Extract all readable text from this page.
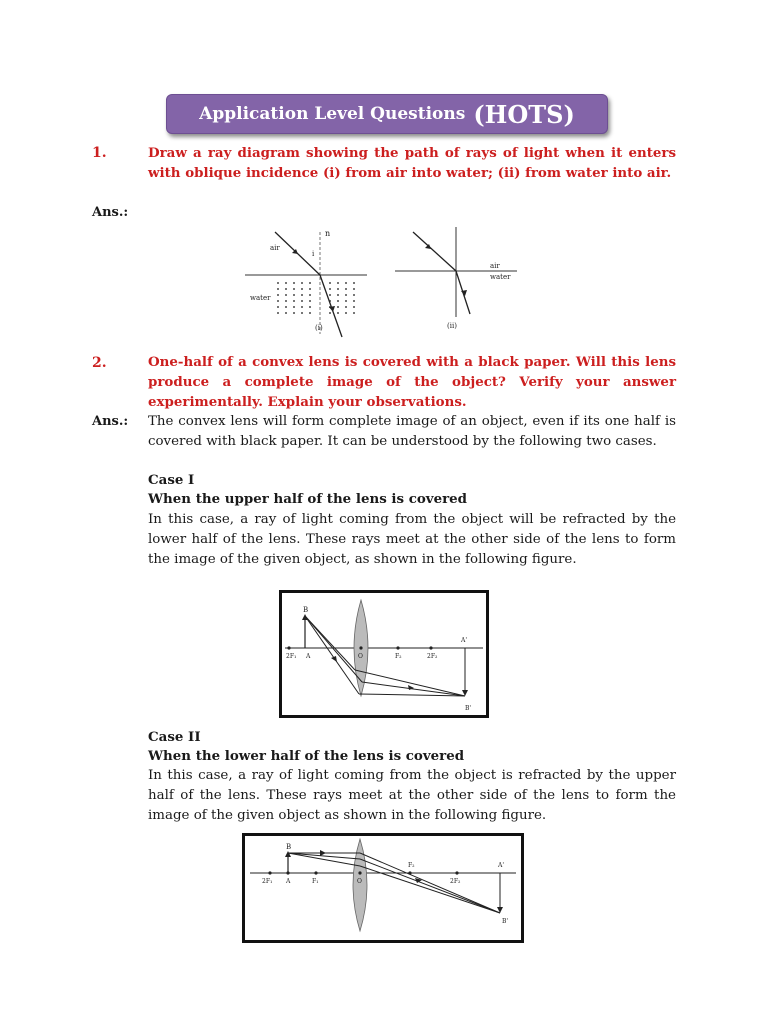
Application Level Questions (HOTS)
1.	Draw a ray diagram showing the path of rays of light when it enters with oblique incidence (i) from air into water; (ii) from water into air.
Ans.:
n
air
i
water
(i)
air
water
(ii)
2.	One-half of a convex lens is covered with a black paper. Will this lens produce a complete image of the object? Verify your answer experimentally. Explain your observations.
Ans.: The convex lens will form complete image of an object, even if its one half is covered with black paper. It can be understood by the following two cases.
Case I
When the upper half of the lens is covered
In this case, a ray of light coming from the object will be refracted by the lower half of the lens. These rays meet at the other side of the lens to form the image of the given object, as shown in the following figure.
B
A
2F₁	O	F₂	2F₂
A'
B'
Case II
When the lower half of the lens is covered
In this case, a ray of light coming from the object is refracted by the upper half of the lens. These rays meet at the other side of the lens to form the image of the given object as shown in the following figure.
B
2F₁ A	F₁	O
F₂
2F₂
A'
B'
